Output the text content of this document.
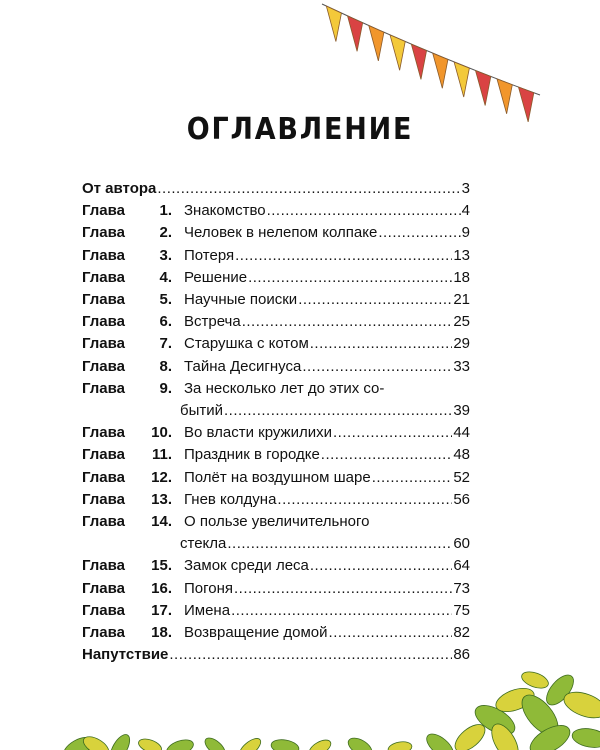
ОГЛАВЛЕНИЕ
От автора .....	3
Глава	1. Знакомство .....	4
Глава	2. Человек в нелепом колпаке .....	9
Глава	3. Потеря .....	13
Глава	4. Решение .....	18
Глава	5. Научные поиски .....	21
Глава	6. Встреча .....	25
Глава	7. Старушка с котом .....	29
Глава	8. Тайна Десигнуса .....	33
Глава	9. За несколько лет до этих со-
бытий .....	39
Глава	10. Во власти кружилихи .....	44
Глава	11. Праздник в городке .....	48
Глава	12. Полёт на воздушном шаре .....	52
Глава	13. Гнев колдуна .....	56
Глава	14. О пользе увеличительного
стекла .....	60
Глава	15. Замок среди леса .....	64
Глава	16. Погоня .....	73
Глава	17. Имена .....	75
Глава	18. Возвращение домой .....	82
Напутствие .....	86
